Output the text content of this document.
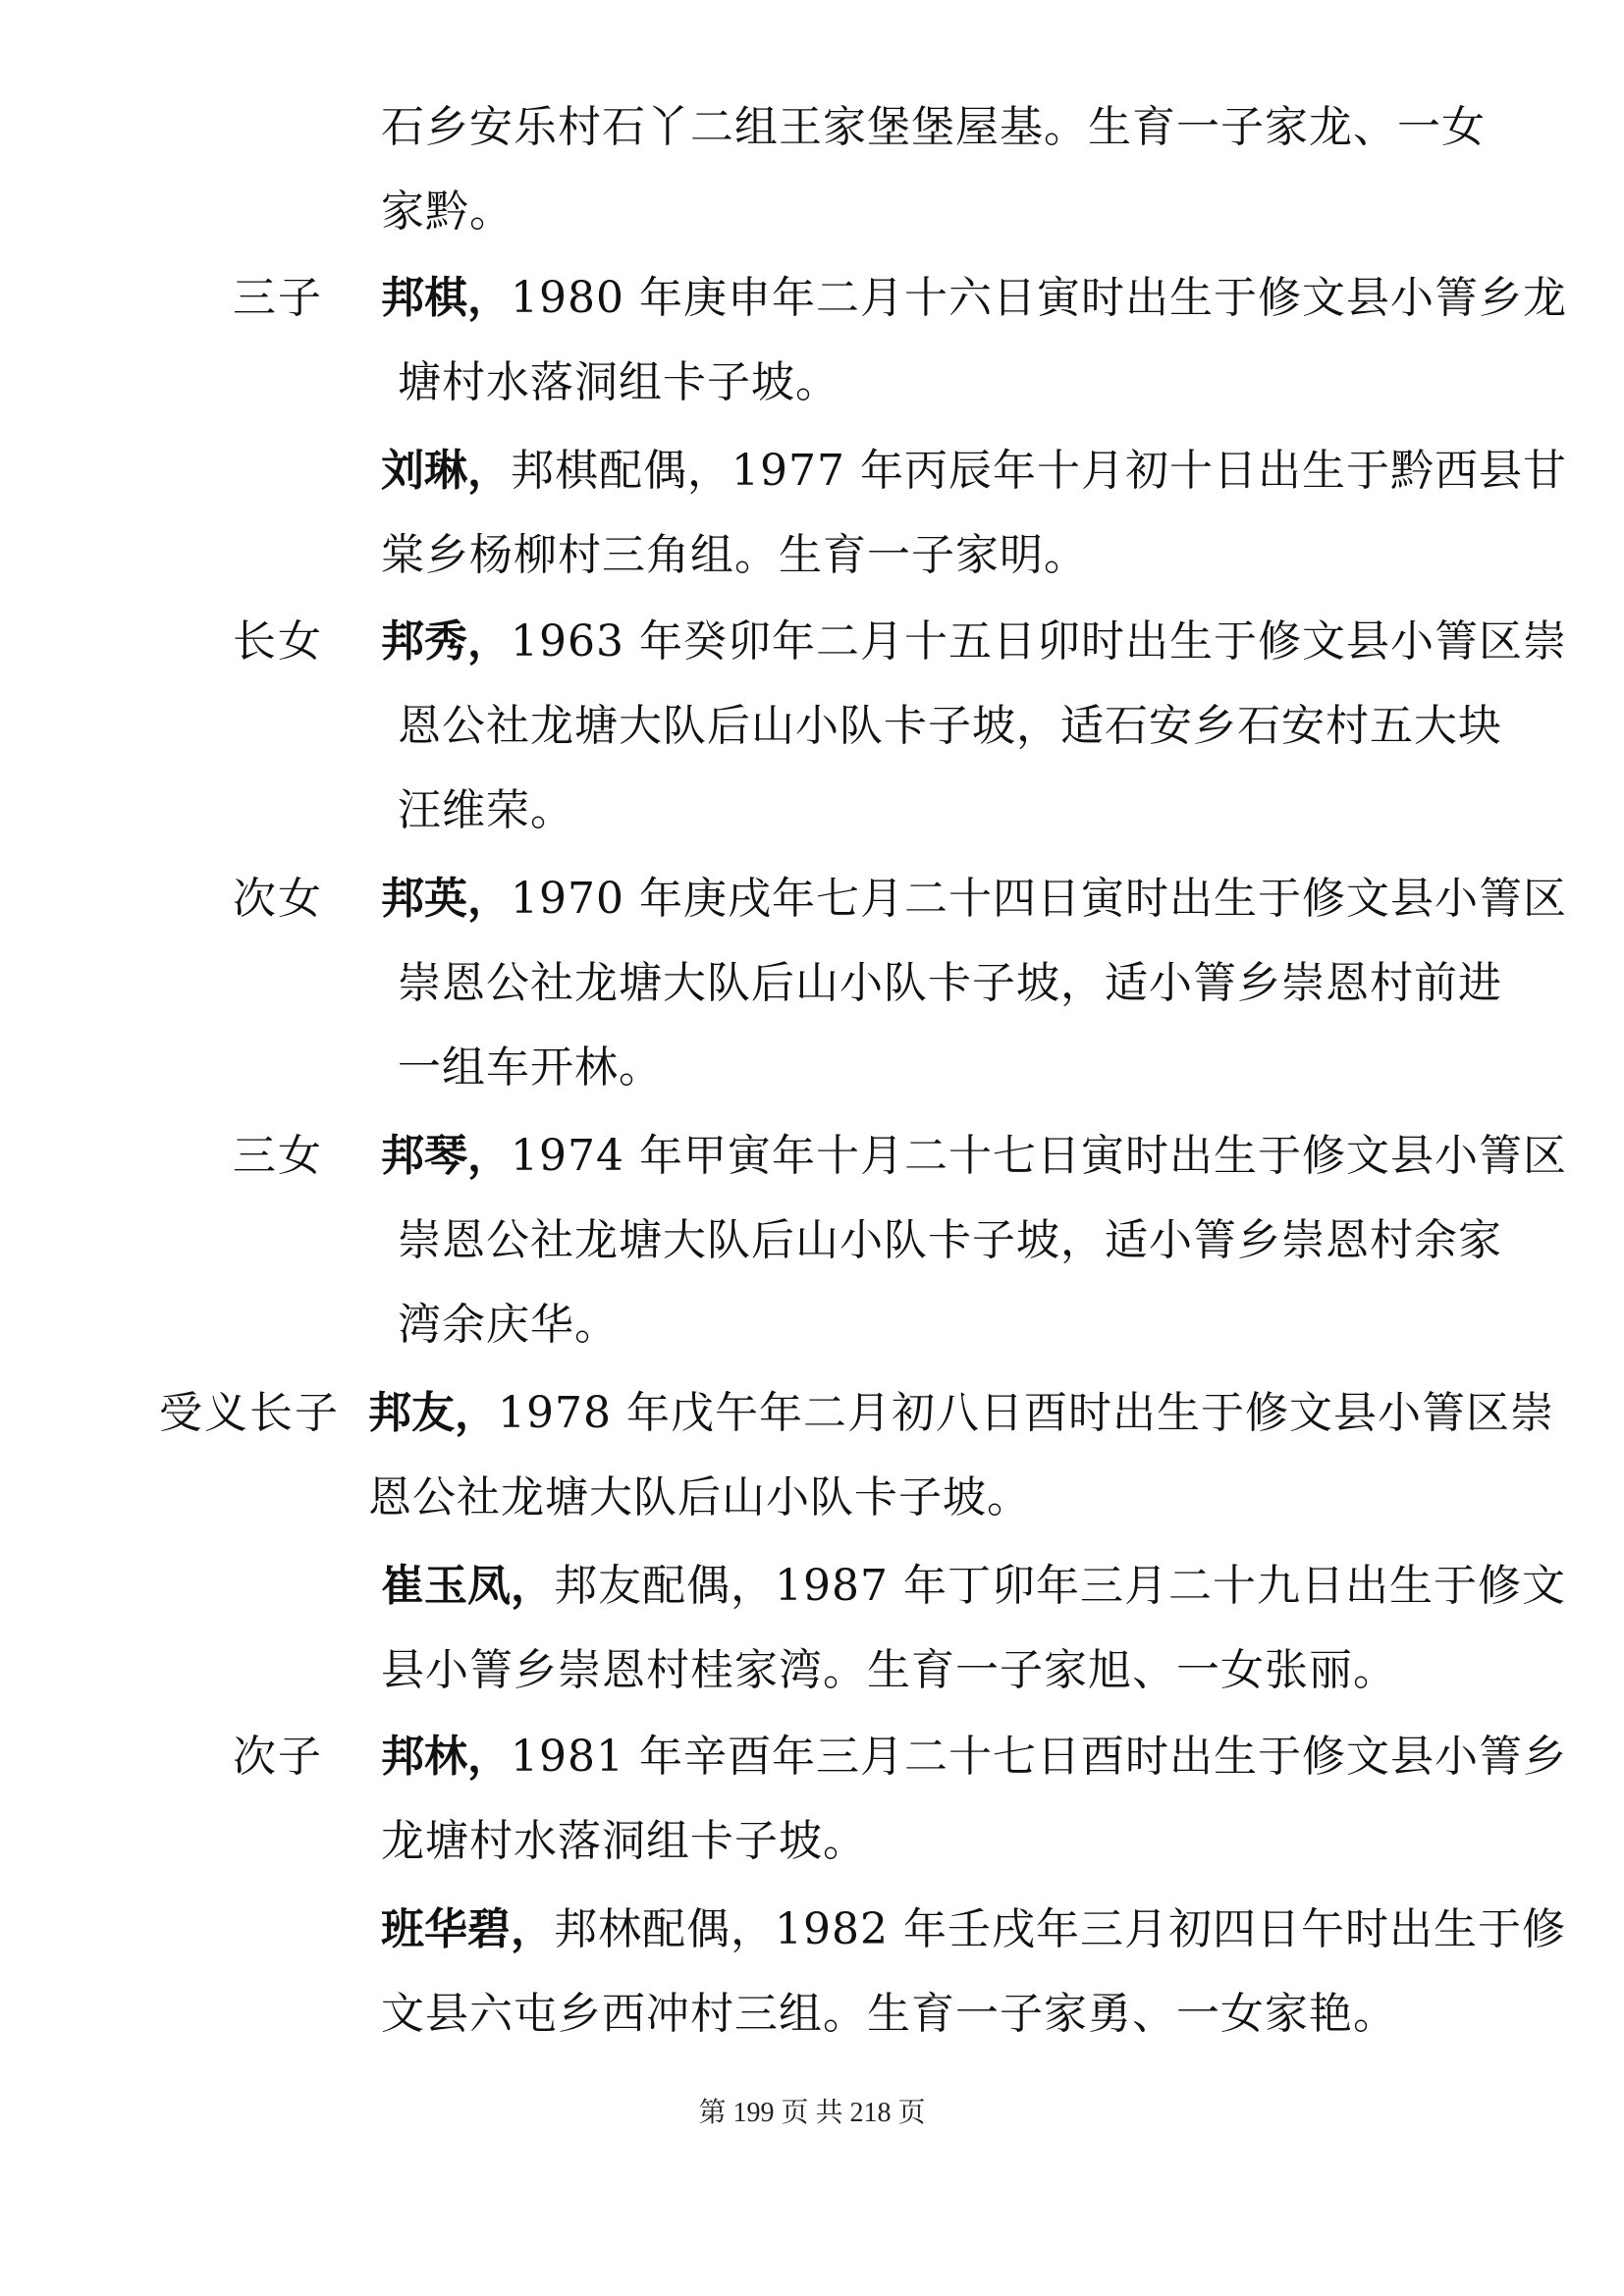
石乡安乐村石丫二组王家堡堡屋基。生育一子家龙、一女
家黔。
三子 邦棋，1980 年庚申年二月十六日寅时出生于修文县小箐乡龙
塘村水落洞组卡子坡。
刘琳，邦棋配偶，1977 年丙辰年十月初十日出生于黔西县甘
棠乡杨柳村三角组。生育一子家明。
长女 邦秀，1963 年癸卯年二月十五日卯时出生于修文县小箐区崇
恩公社龙塘大队后山小队卡子坡，适石安乡石安村五大块
汪维荣。
次女 邦英，1970 年庚戌年七月二十四日寅时出生于修文县小箐区
崇恩公社龙塘大队后山小队卡子坡，适小箐乡崇恩村前进
一组车开林。
三女 邦琴，1974 年甲寅年十月二十七日寅时出生于修文县小箐区
崇恩公社龙塘大队后山小队卡子坡，适小箐乡崇恩村余家
湾余庆华。
受义长子 邦友，1978 年戊午年二月初八日酉时出生于修文县小箐区崇
恩公社龙塘大队后山小队卡子坡。
崔玉凤，邦友配偶，1987 年丁卯年三月二十九日出生于修文
县小箐乡崇恩村桂家湾。生育一子家旭、一女张丽。
次子 邦林，1981 年辛酉年三月二十七日酉时出生于修文县小箐乡
龙塘村水落洞组卡子坡。
班华碧，邦林配偶，1982 年壬戌年三月初四日午时出生于修
文县六屯乡西冲村三组。生育一子家勇、一女家艳。
第 199 页 共 218 页
